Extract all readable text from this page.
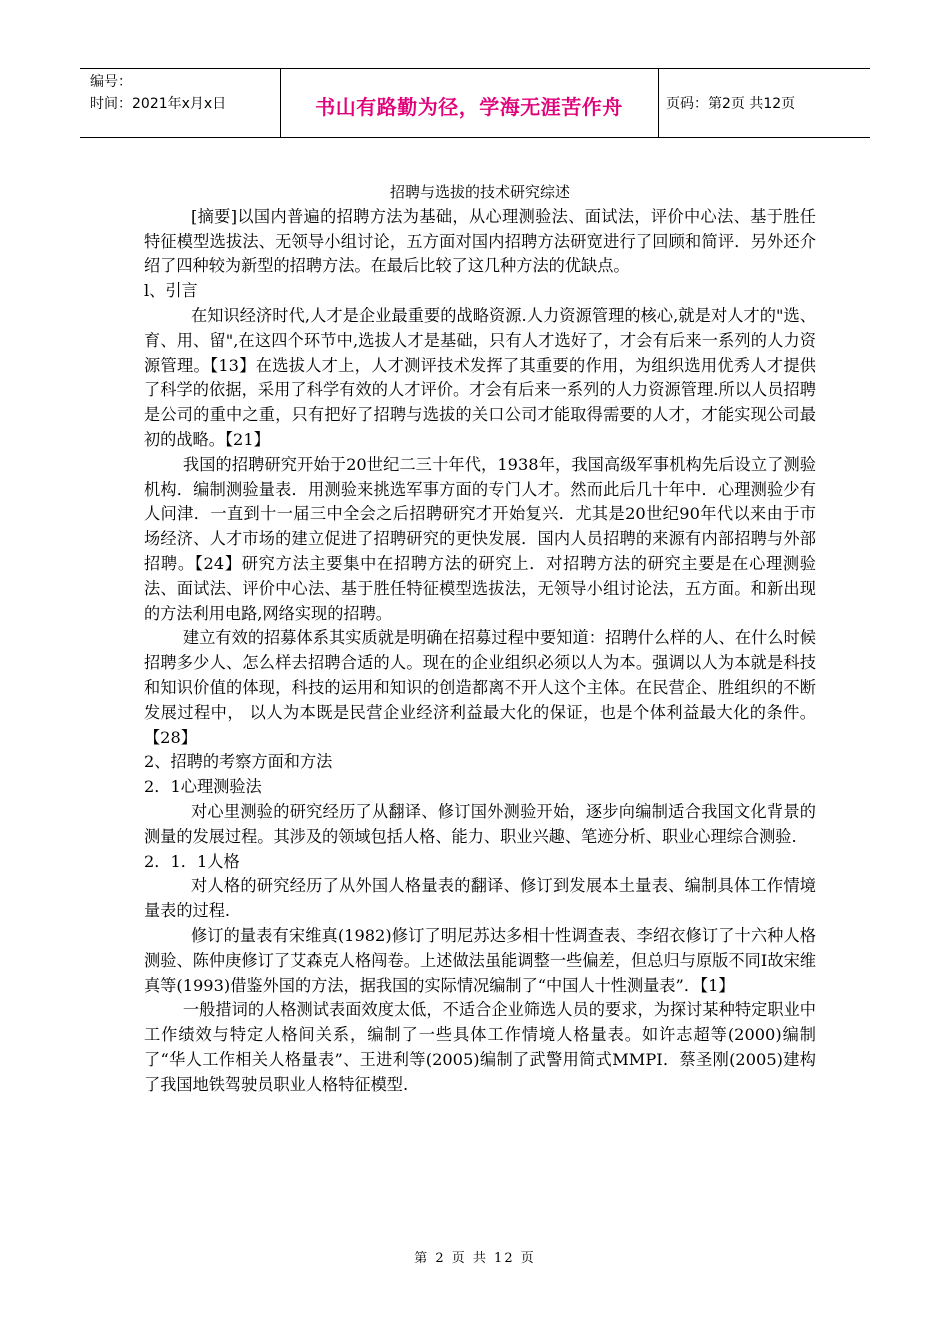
编号：
时间：2021年x月x日	书山有路勤为径，学海无涯苦作舟	页码：第2页 共12页

招聘与选拔的技术研究综述

[摘要]以国内普遍的招聘方法为基础，从心理测验法、面试法，评价中心法、基于胜任特征模型选拔法、无领导小组讨论，五方面对国内招聘方法研宽进行了回顾和简评．另外还介绍了四种较为新型的招聘方法。在最后比较了这几种方法的优缺点。

l、引言

在知识经济时代,人才是企业最重要的战略资源.人力资源管理的核心,就是对人才的"选、育、用、留",在这四个环节中,选拔人才是基础，只有人才选好了，才会有后来一系列的人力资源管理。【13】在选拔人才上，人才测评技术发挥了其重要的作用，为组织选用优秀人才提供了科学的依据，采用了科学有效的人才评价。才会有后来一系列的人力资源管理.所以人员招聘是公司的重中之重，只有把好了招聘与选拔的关口公司才能取得需要的人才，才能实现公司最初的战略。【21】

我国的招聘研究开始于20世纪二三十年代，1938年，我国高级军事机构先后设立了测验机构．编制测验量表．用测验来挑选军事方面的专门人才。然而此后几十年中．心理测验少有人问津．一直到十一届三中全会之后招聘研究才开始复兴．尤其是20世纪90年代以来由于市场经济、人才市场的建立促进了招聘研究的更快发展．国内人员招聘的来源有内部招聘与外部招聘。【24】研究方法主要集中在招聘方法的研究上．对招聘方法的研究主要是在心理测验法、面试法、评价中心法、基于胜任特征模型选拔法，无领导小组讨论法，五方面。和新出现的方法利用电路,网络实现的招聘。

建立有效的招募体系其实质就是明确在招募过程中要知道：招聘什么样的人、在什么时候招聘多少人、怎么样去招聘合适的人。现在的企业组织必须以人为本。强调以人为本就是科技和知识价值的体现，科技的运用和知识的创造都离不开人这个主体。在民营企、胜组织的不断发展过程中， 以人为本既是民营企业经济利益最大化的保证，也是个体利益最大化的条件。【28】

2、招聘的考察方面和方法

2．1心理测验法

对心里测验的研究经历了从翻译、修订国外测验开始，逐步向编制适合我国文化背景的测量的发展过程。其涉及的领域包括人格、能力、职业兴趣、笔迹分析、职业心理综合测验.

2．1．1人格

对人格的研究经历了从外国人格量表的翻译、修订到发展本土量表、编制具体工作情境量表的过程.

修订的量表有宋维真(1982)修订了明尼苏达多相十性调查表、李绍衣修订了十六种人格测验、陈仲庚修订了艾森克人格闯卷。上述做法虽能调整一些偏差，但总归与原版不同I故宋维真等(1993)借鉴外国的方法，据我国的实际情况编制了“中国人十性测量表”．【1】

一般措词的人格测试表面效度太低，不适合企业筛选人员的要求，为探讨某种特定职业中工作绩效与特定人格间关系，编制了一些具体工作情境人格量表。如许志超等(2000)编制了“华人工作相关人格量表”、王进利等(2005)编制了武警用简式MMPI．蔡圣刚(2005)建构了我国地铁驾驶员职业人格特征模型.

第 2 页 共 12 页
